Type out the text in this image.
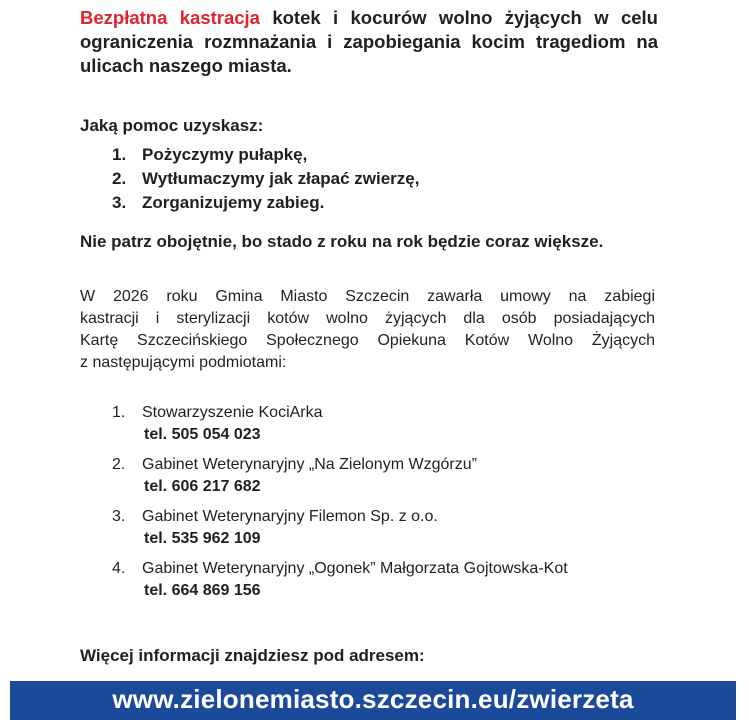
Bezpłatna kastracja kotek i kocurów wolno żyjących w celu ograniczenia rozmnażania i zapobiegania kocim tragediom na ulicach naszego miasta.
Jaką pomoc uzyskasz:
1. Pożyczymy pułapkę,
2. Wytłumaczymy jak złapać zwierzę,
3. Zorganizujemy zabieg.
Nie patrz obojętnie, bo stado z roku na rok będzie coraz większe.
W 2026 roku Gmina Miasto Szczecin zawarła umowy na zabiegi
kastracji i sterylizacji kotów wolno żyjących dla osób posiadających
Kartę Szczecińskiego Społecznego Opiekuna Kotów Wolno Żyjących
z następującymi podmiotami:
1. Stowarzyszenie KociArka
tel. 505 054 023
2. Gabinet Weterynaryjny „Na Zielonym Wzgórzu”
tel. 606 217 682
3. Gabinet Weterynaryjny Filemon Sp. z o.o.
tel. 535 962 109
4. Gabinet Weterynaryjny „Ogonek” Małgorzata Gojtowska-Kot
tel. 664 869 156
Więcej informacji znajdziesz pod adresem:
www.zielonemiasto.szczecin.eu/zwierzeta
